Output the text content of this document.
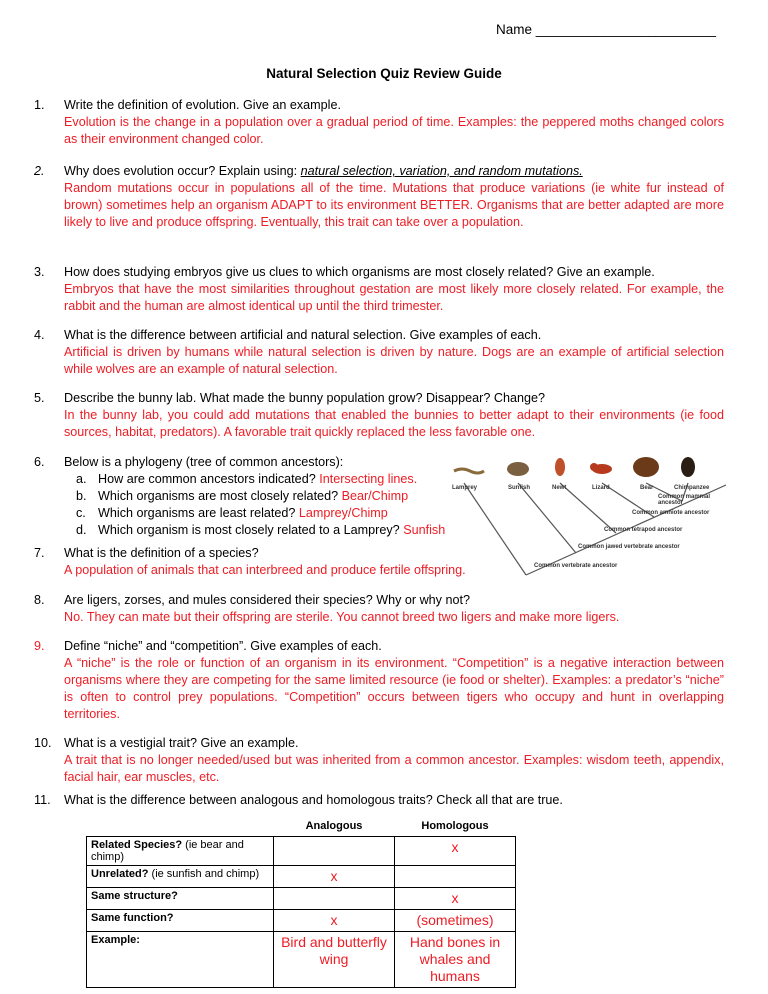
Name ________________________
Natural Selection Quiz Review Guide
1. Write the definition of evolution. Give an example.
Evolution is the change in a population over a gradual period of time. Examples: the peppered moths changed colors as their environment changed color.
2. Why does evolution occur? Explain using: natural selection, variation, and random mutations.
Random mutations occur in populations all of the time. Mutations that produce variations (ie white fur instead of brown) sometimes help an organism ADAPT to its environment BETTER. Organisms that are better adapted are more likely to live and produce offspring. Eventually, this trait can take over a population.
3. How does studying embryos give us clues to which organisms are most closely related? Give an example.
Embryos that have the most similarities throughout gestation are most likely more closely related. For example, the rabbit and the human are almost identical up until the third trimester.
4. What is the difference between artificial and natural selection. Give examples of each.
Artificial is driven by humans while natural selection is driven by nature. Dogs are an example of artificial selection while wolves are an example of natural selection.
5. Describe the bunny lab. What made the bunny population grow? Disappear? Change?
In the bunny lab, you could add mutations that enabled the bunnies to better adapt to their environments (ie food sources, habitat, predators). A favorable trait quickly replaced the less favorable one.
6. Below is a phylogeny (tree of common ancestors):
a. How are common ancestors indicated? Intersecting lines.
b. Which organisms are most closely related? Bear/Chimp
c. Which organisms are least related? Lamprey/Chimp
d. Which organism is most closely related to a Lamprey? Sunfish
Lamprey	Sunfish	Newt	Lizard	Bear	Chimpanzee
Common mammal ancestor
Common amniote ancestor
Common tetrapod ancestor
Common jawed vertebrate ancestor
Common vertebrate ancestor
7. What is the definition of a species?
A population of animals that can interbreed and produce fertile offspring.
8. Are ligers, zorses, and mules considered their species? Why or why not?
No. They can mate but their offspring are sterile. You cannot breed two ligers and make more ligers.
9. Define “niche” and “competition”. Give examples of each.
A “niche” is the role or function of an organism in its environment. “Competition” is a negative interaction between organisms where they are competing for the same limited resource (ie food or shelter). Examples: a predator’s “niche” is often to control prey populations. “Competition” occurs between tigers who occupy and hunt in overlapping territories.
10. What is a vestigial trait? Give an example.
A trait that is no longer needed/used but was inherited from a common ancestor. Examples: wisdom teeth, appendix, facial hair, ear muscles, etc.
11. What is the difference between analogous and homologous traits? Check all that are true.
	Analogous	Homologous
Related Species? (ie bear and chimp)		x
Unrelated? (ie sunfish and chimp)	x	
Same structure?		x
Same function?	x	(sometimes)
Example:	Bird and butterfly wing	Hand bones in whales and humans
